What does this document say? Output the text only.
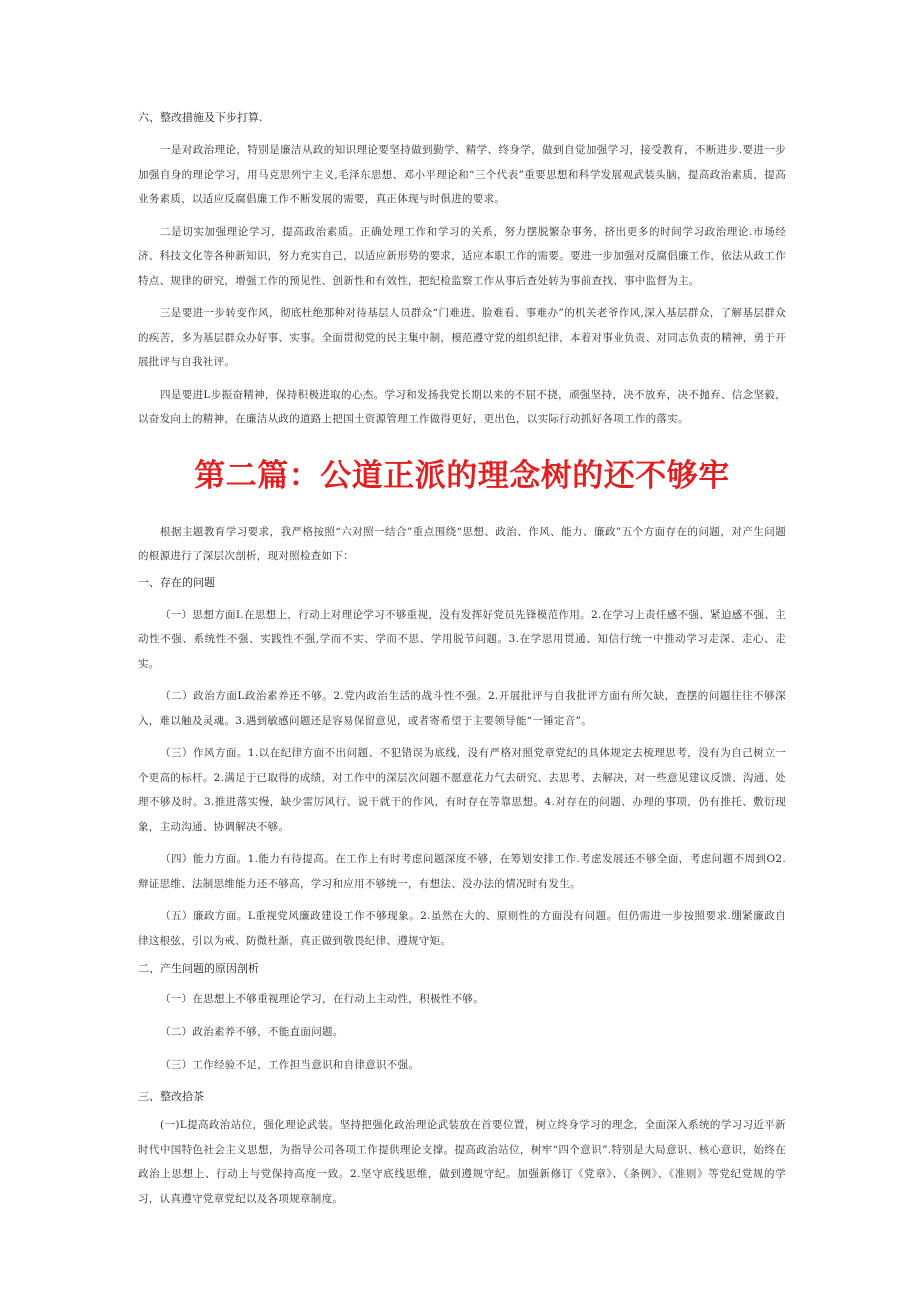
六、整改措施及下步打算.

一是对政治理论，特别是廉洁从政的知识理论要坚持做到勤学、精学、终身学，做到自觉加强学习，接受教育，不断进步.要进一步加强自身的理论学习，用马克思列宁主义,毛泽东思想、邓小平理论和“三个代表”重要思想和科学发展观武装头脑，提高政治素质，提高业务素质，以适应反腐倡廉工作不断发展的需要，真正体现与时俱进的要求。

二是切实加强理论学习，提高政治素质。正确处理工作和学习的关系，努力摆脱繁杂事务，挤出更多的时间学习政治理论.市场经济、科技文化等各种新知识，努力充实自己，以适应新形势的要求，适应本职工作的需要。要进一步加强对反腐倡廉工作，依法从政工作特点、规律的研究，增强工作的预见性、创新性和有效性，把纪检监察工作从事后查处转为事前查找、事中监督为主。

三是要进一步转变作风，彻底杜绝那种对待基层人员群众“门难进、脸难看、事难办”的机关老爷作风,深入基层群众，了解基层群众的疾苦，多为基层群众办好事、实事。全面贯彻党的民主集中制，模范遵守党的组织纪律，本着对事业负责、对同志负责的精神，勇于开展批评与自我社评。

四是要进L步振奋精神，保持积极进取的心杰。学习和发扬我党长期以来的不屈不挠，顽强坚持，决不放弃，决不抛弃、信念坚毅，以奋发向上的精神，在廉洁从政的道路上把国土资源管理工作做得更好，更出色，以实际行动抓好各项工作的落实。

第二篇：公道正派的理念树的还不够牢

根据主题教育学习要求，我严格按照“六对照一结合”重点围绕“思想、政治、作风、能力、廉政”五个方面存在的问题，对产生问题的根源进行了深层次剖析，现对照检查如下：

一、存在的问题

（一）思想方面I.在思想上，行动上对理论学习不够重视，没有发挥好党员先锋模范作用。2.在学习上责任感不强、紧迫感不强、主动性不强、系统性不强、实践性不强,学而不实、学而不思、学用脱节问题。3.在学思用贯通、知信行统一中推动学习走深、走心、走实。

（二）政治方面L政治素养还不够。2.党内政治生活的战斗性不强。2.开展批评与自我批评方面有所欠缺，查摆的问题往往不够深入，难以触及灵魂。3.遇到敏感问题还是容易保留意见，或者寄希望于主要领导能“一锤定音”。

（三）作风方面。1.以在纪律方面不出问题、不犯错误为底线，没有严格对照党章党纪的具体规定去梳理思考，没有为自己树立一个更高的标杆。2.满足于已取得的成绩，对工作中的深层次问题不愿意花力气去研究、去思考、去解决，对一些意见建议反馈、沟通、处理不够及时。3.推进落实慢，缺少雷厉风行、说干就干的作风，有时存在等靠思想。4.对存在的问题、办理的事项，仍有推托、敷衍现象，主动沟通、协调解决不够。

（四）能力方面。1.能力有待提高。在工作上有时考虑问题深度不够，在筹划安排工作.考虑发展还不够全面，考虑问题不周到O2.辩证思维、法制思维能力还不够高，学习和应用不够统一，有想法、没办法的情况时有发生。

（五）廉政方面。L重视党风廉政建设工作不够现象。2.虽然在大的、原则性的方面没有问题。但仍需进一步按照要求.绷紧廉政自律这根弦，引以为戒、防微杜渐，真正做到敬畏纪律、遵规守矩。

二、产生问题的原因剖析

（一）在思想上不够重视理论学习，在行动上主动性，积极性不够。

（二）政治素养不够，不能直面问题。

（三）工作经验不足，工作担当意识和自律意识不强。

三、整改拾茶

(一)L提高政治站位，强化理论武装。坚持把强化政治理论武装放在首要位置，树立终身学习的理念，全面深入系统的学习习近平新时代中国特色社会主义思想，为指导公司各项工作提供理论支撑。提高政治站位，树牢“四个意识”.特别是大局意识、核心意识，始终在政治上思想上、行动上与党保持高度一致。2.坚守底线思维，做到遵规守纪。加强新修订《党章》、《条例》、《准则》等党纪党规的学习，认真遵守党章党纪以及各项规章制度。
